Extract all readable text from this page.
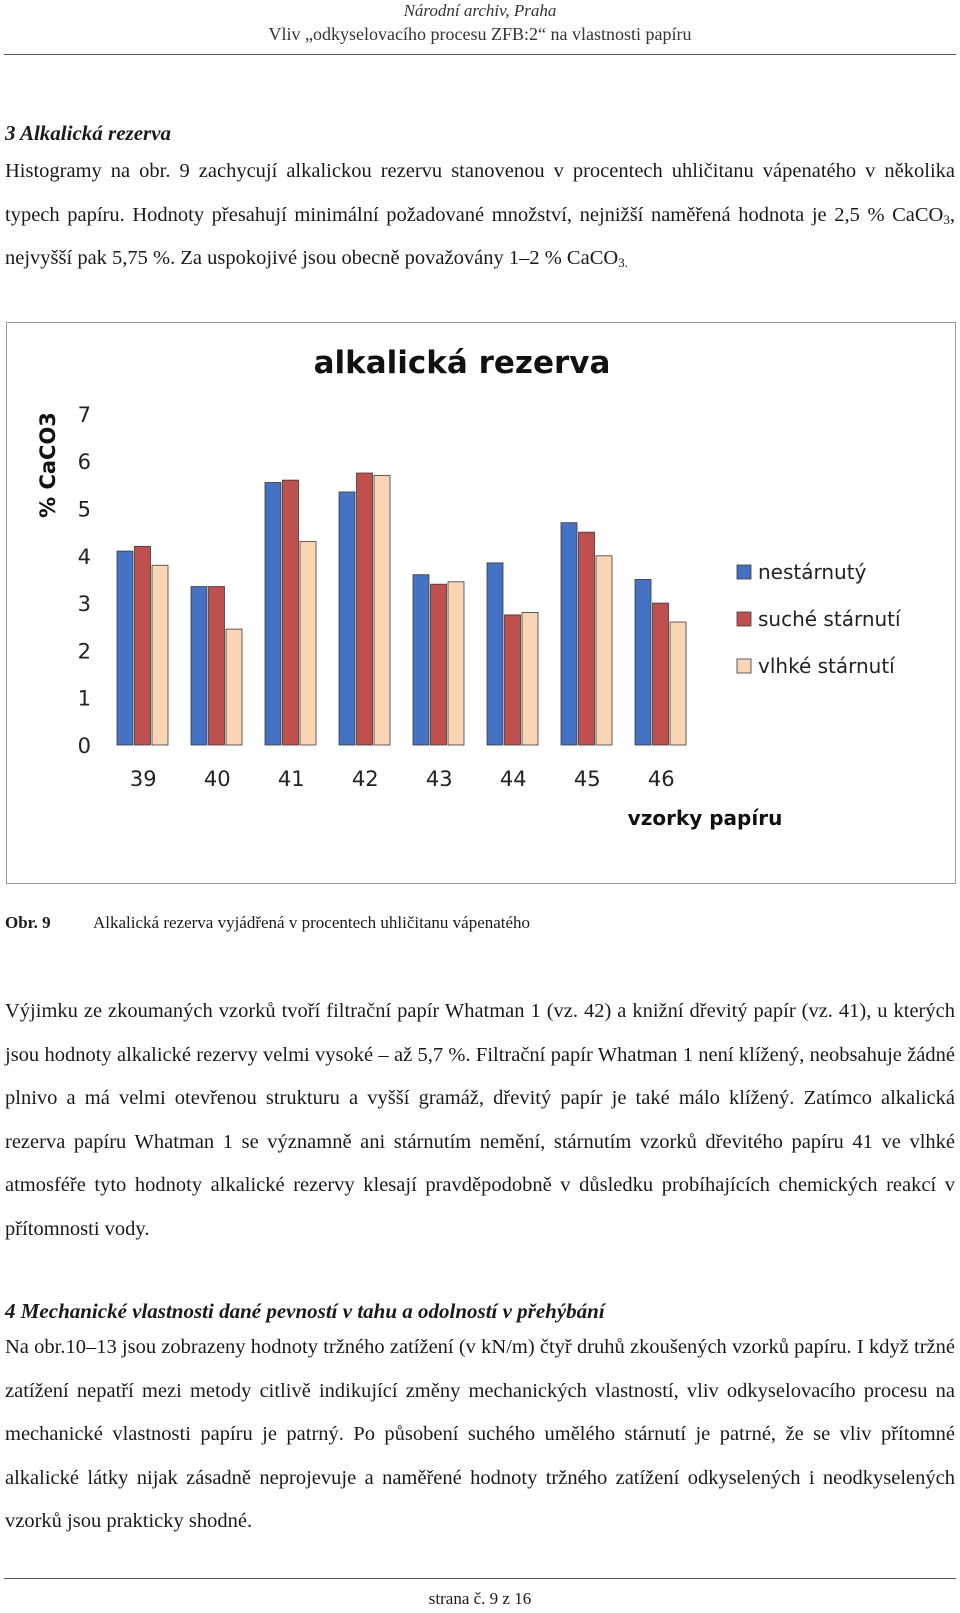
Národní archiv, Praha
Vliv „odkyselovacího procesu ZFB:2“ na vlastnosti papíru
3 Alkalická rezerva

Histogramy na obr. 9 zachycují alkalickou rezervu stanovenou v procentech uhličitanu vápenatého v několika typech papíru. Hodnoty přesahují minimální požadované množství, nejnižší naměřená hodnota je 2,5 % CaCO$_3$, nejvyšší pak 5,75 %. Za uspokojivé jsou obecně považovány 1–2 % CaCO$_{3.}$

alkalická rezerva
% CaCO3
0
1
2
3
4
5
6
7
39 40 41 42 43 44 45 46
vzorky papíru
nestárnutý
suché stárnutí
vlhké stárnutí
Obr. 9 Alkalická rezerva vyjádřená v procentech uhličitanu vápenatého

Výjimku ze zkoumaných vzorků tvoří filtrační papír Whatman 1 (vz. 42) a knižní dřevitý papír (vz. 41), u kterých jsou hodnoty alkalické rezervy velmi vysoké – až 5,7 %. Filtrační papír Whatman 1 není klížený, neobsahuje žádné plnivo a má velmi otevřenou strukturu a vyšší gramáž, dřevitý papír je také málo klížený. Zatímco alkalická rezerva papíru Whatman 1 se významně ani stárnutím nemění, stárnutím vzorků dřevitého papíru 41 ve vlhké atmosféře tyto hodnoty alkalické rezervy klesají pravděpodobně v důsledku probíhajících chemických reakcí v přítomnosti vody.

4 Mechanické vlastnosti dané pevností v tahu a odolností v přehýbání

Na obr.10–13 jsou zobrazeny hodnoty tržného zatížení (v kN/m) čtyř druhů zkoušených vzorků papíru. I když tržné zatížení nepatří mezi metody citlivě indikující změny mechanických vlastností, vliv odkyselovacího procesu na mechanické vlastnosti papíru je patrný. Po působení suchého umělého stárnutí je patrné, že se vliv přítomné alkalické látky nijak zásadně neprojevuje a naměřené hodnoty tržného zatížení odkyselených i neodkyselených vzorků jsou prakticky shodné.

strana č. 9 z 16
